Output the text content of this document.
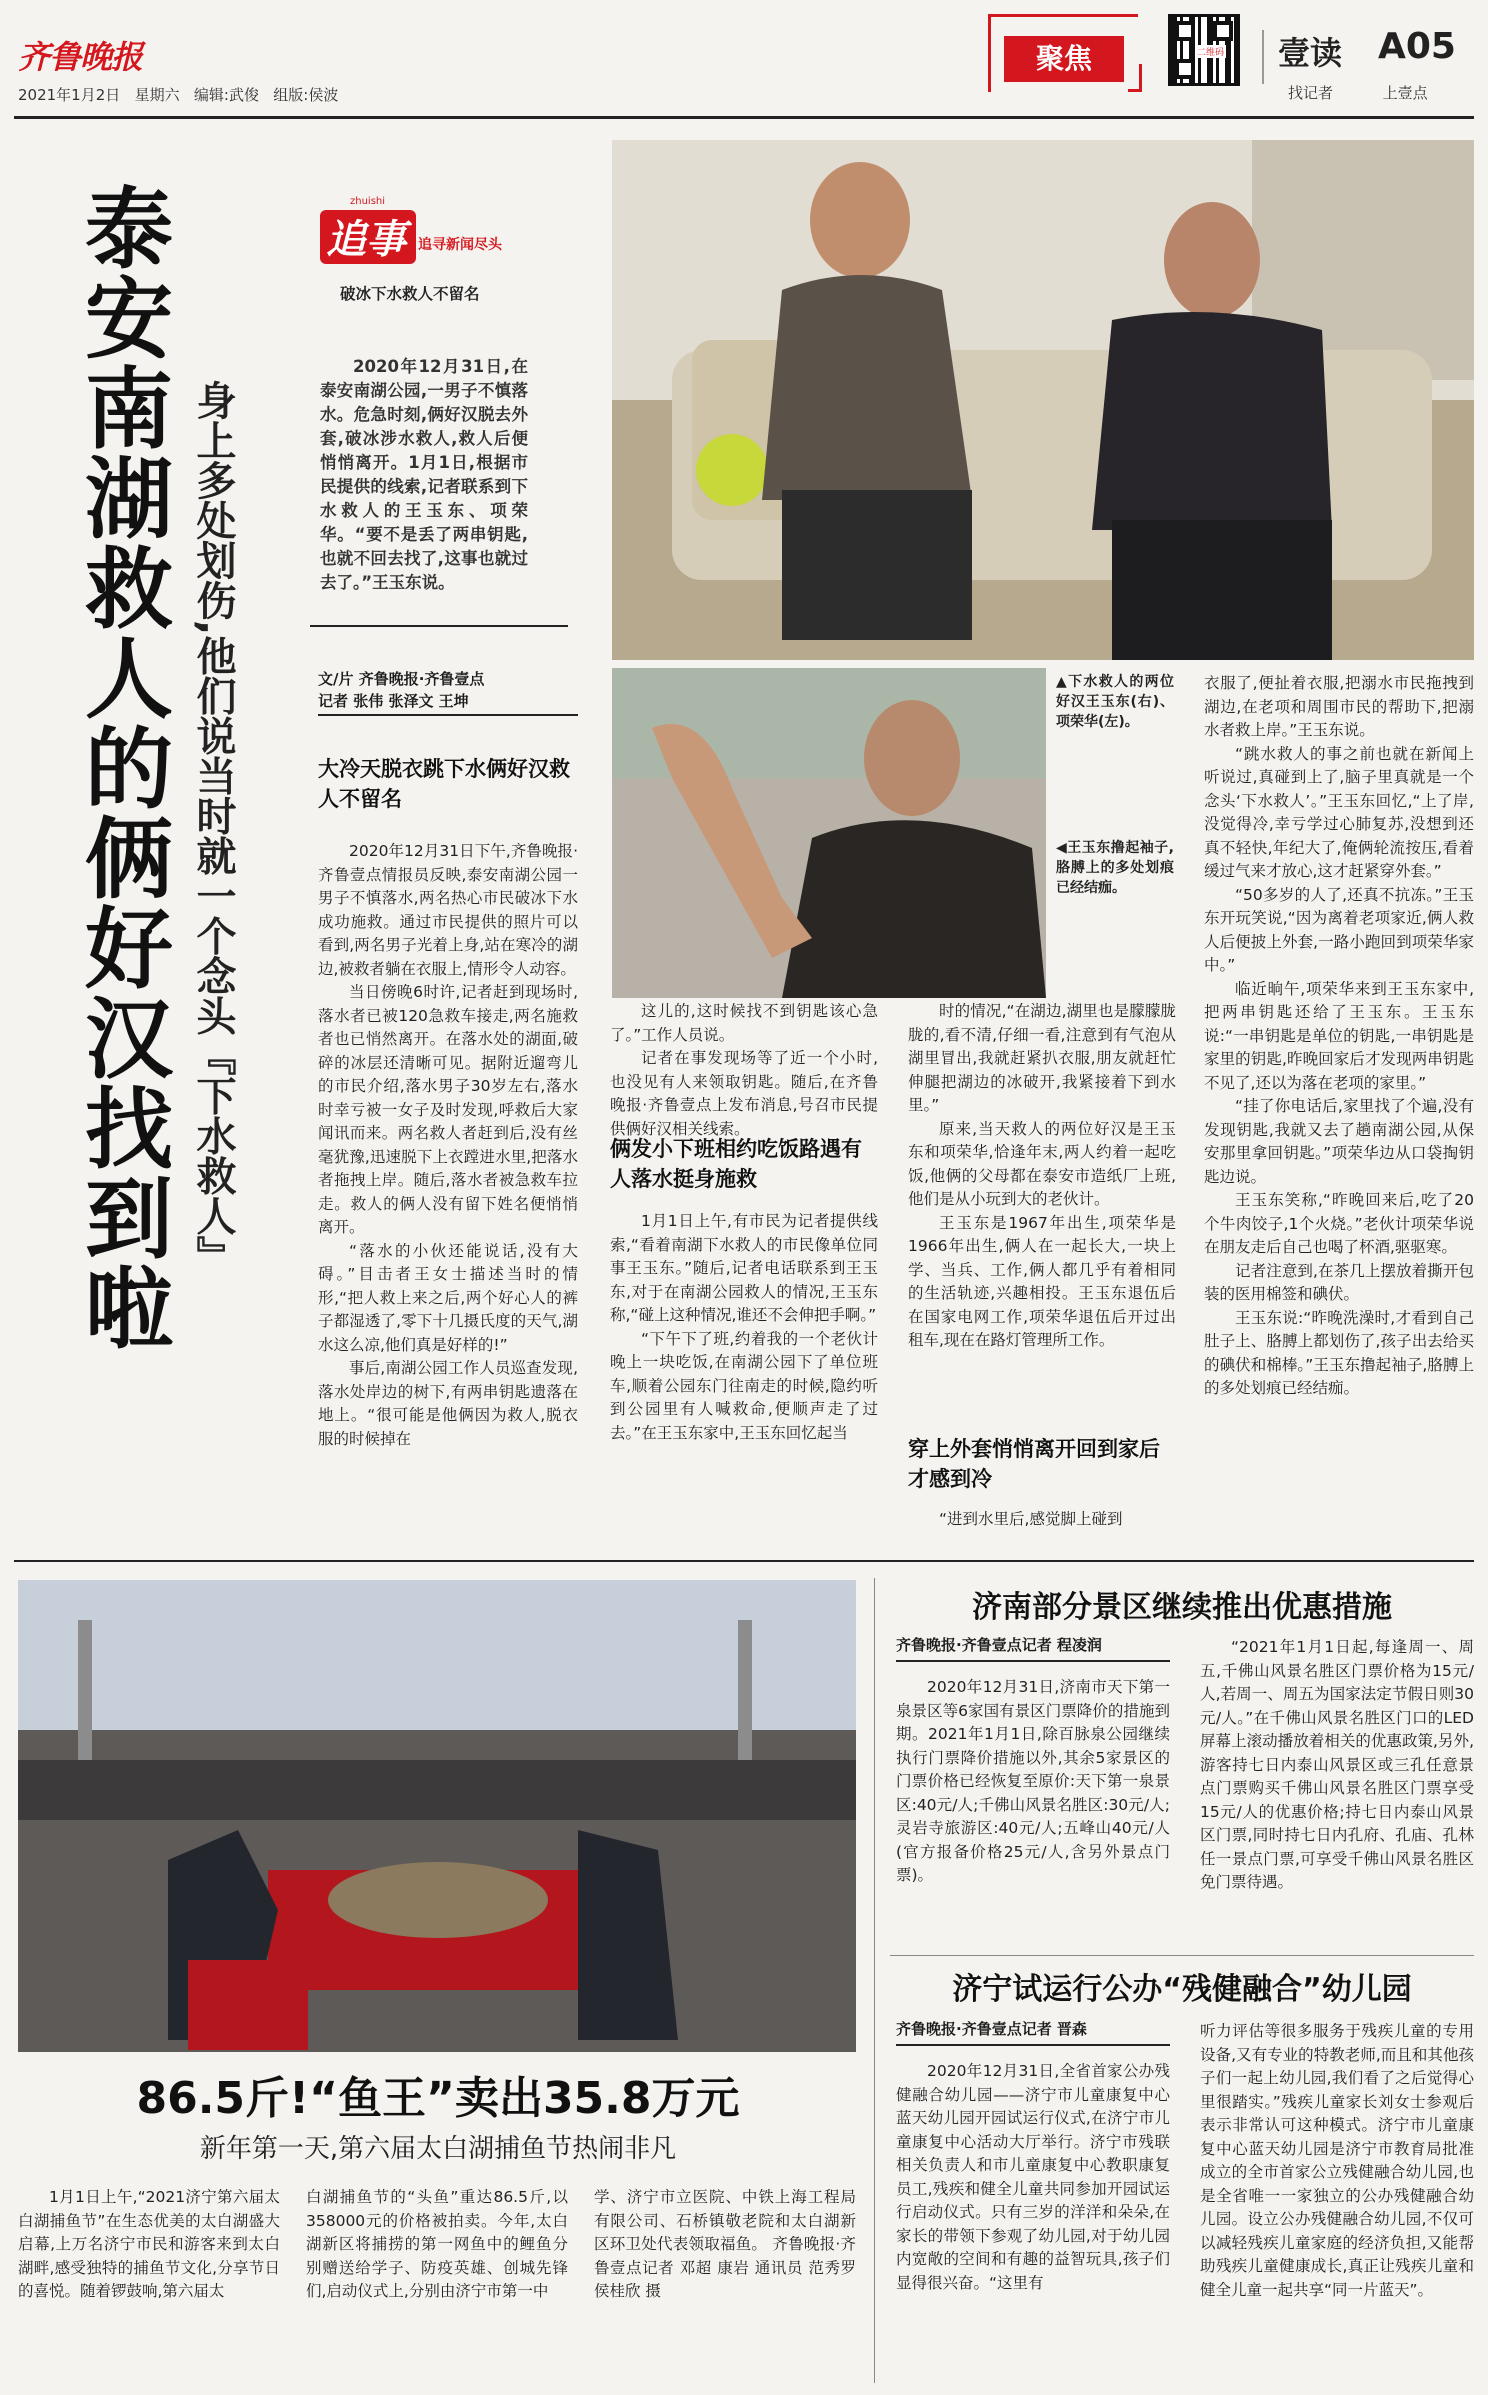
齐鲁晚报
2021年1月2日 星期六 编辑:武俊 组版:侯波
聚焦	二维码 壹读 A05
找记者	上壹点
泰
安
南
湖
救
人
的
俩
好
汉
找
到
啦
身上多处划伤,他们说当时就一个念头『下水救人』
追事
zhuishi
追寻新闻尽头
破冰下水救人不留名

2020年12月31日,在泰安南湖公园,一男子不慎落水。危急时刻,俩好汉脱去外套,破冰涉水救人,救人后便悄悄离开。1月1日,根据市民提供的线索,记者联系到下水救人的王玉东、项荣华。“要不是丢了两串钥匙,也就不回去找了,这事也就过去了。”王玉东说。

文/片 齐鲁晚报·齐鲁壹点
记者 张伟 张泽文 王坤
▲下水救人的两位好汉王玉东(右)、项荣华(左)。
◀王玉东撸起袖子,胳膊上的多处划痕已经结痂。
大冷天脱衣跳下水俩好汉救人不留名

2020年12月31日下午,齐鲁晚报·齐鲁壹点情报员反映,泰安南湖公园一男子不慎落水,两名热心市民破冰下水成功施救。通过市民提供的照片可以看到,两名男子光着上身,站在寒冷的湖边,被救者躺在衣服上,情形令人动容。

当日傍晚6时许,记者赶到现场时,落水者已被120急救车接走,两名施救者也已悄然离开。在落水处的湖面,破碎的冰层还清晰可见。据附近遛弯儿的市民介绍,落水男子30岁左右,落水时幸亏被一女子及时发现,呼救后大家闻讯而来。两名救人者赶到后,没有丝毫犹豫,迅速脱下上衣蹚进水里,把落水者拖拽上岸。随后,落水者被急救车拉走。救人的俩人没有留下姓名便悄悄离开。

“落水的小伙还能说话,没有大碍。”目击者王女士描述当时的情形,“把人救上来之后,两个好心人的裤子都湿透了,零下十几摄氏度的天气,湖水这么凉,他们真是好样的!”

事后,南湖公园工作人员巡查发现,落水处岸边的树下,有两串钥匙遗落在地上。“很可能是他俩因为救人,脱衣服的时候掉在

这儿的,这时候找不到钥匙该心急了。”工作人员说。

记者在事发现场等了近一个小时,也没见有人来领取钥匙。随后,在齐鲁晚报·齐鲁壹点上发布消息,号召市民提供俩好汉相关线索。

俩发小下班相约吃饭路遇有人落水挺身施救

1月1日上午,有市民为记者提供线索,“看着南湖下水救人的市民像单位同事王玉东。”随后,记者电话联系到王玉东,对于在南湖公园救人的情况,王玉东称,“碰上这种情况,谁还不会伸把手啊。”

“下午下了班,约着我的一个老伙计晚上一块吃饭,在南湖公园下了单位班车,顺着公园东门往南走的时候,隐约听到公园里有人喊救命,便顺声走了过去。”在王玉东家中,王玉东回忆起当

时的情况,“在湖边,湖里也是朦朦胧胧的,看不清,仔细一看,注意到有气泡从湖里冒出,我就赶紧扒衣服,朋友就赶忙伸腿把湖边的冰破开,我紧接着下到水里。”

原来,当天救人的两位好汉是王玉东和项荣华,恰逢年末,两人约着一起吃饭,他俩的父母都在泰安市造纸厂上班,他们是从小玩到大的老伙计。

王玉东是1967年出生,项荣华是1966年出生,俩人在一起长大,一块上学、当兵、工作,俩人都几乎有着相同的生活轨迹,兴趣相投。王玉东退伍后在国家电网工作,项荣华退伍后开过出租车,现在在路灯管理所工作。

穿上外套悄悄离开回到家后才感到冷

“进到水里后,感觉脚上碰到

衣服了,便扯着衣服,把溺水市民拖拽到湖边,在老项和周围市民的帮助下,把溺水者救上岸。”王玉东说。

“跳水救人的事之前也就在新闻上听说过,真碰到上了,脑子里真就是一个念头‘下水救人’。”王玉东回忆,“上了岸,没觉得冷,幸亏学过心肺复苏,没想到还真不轻快,年纪大了,俺俩轮流按压,看着缓过气来才放心,这才赶紧穿外套。”

“50多岁的人了,还真不抗冻。”王玉东开玩笑说,“因为离着老项家近,俩人救人后便披上外套,一路小跑回到项荣华家中。”

临近晌午,项荣华来到王玉东家中,把两串钥匙还给了王玉东。王玉东说:“一串钥匙是单位的钥匙,一串钥匙是家里的钥匙,昨晚回家后才发现两串钥匙不见了,还以为落在老项的家里。”

“挂了你电话后,家里找了个遍,没有发现钥匙,我就又去了趟南湖公园,从保安那里拿回钥匙。”项荣华边从口袋掏钥匙边说。

王玉东笑称,“昨晚回来后,吃了20个牛肉饺子,1个火烧。”老伙计项荣华说在朋友走后自己也喝了杯酒,驱驱寒。

记者注意到,在茶几上摆放着撕开包装的医用棉签和碘伏。

王玉东说:“昨晚洗澡时,才看到自己肚子上、胳膊上都划伤了,孩子出去给买的碘伏和棉棒。”王玉东撸起袖子,胳膊上的多处划痕已经结痂。

86.5斤!“鱼王”卖出35.8万元
新年第一天,第六届太白湖捕鱼节热闹非凡

1月1日上午,“2021济宁第六届太白湖捕鱼节”在生态优美的太白湖盛大启幕,上万名济宁市民和游客来到太白湖畔,感受独特的捕鱼节文化,分享节日的喜悦。随着锣鼓响,第六届太

白湖捕鱼节的“头鱼”重达86.5斤,以358000元的价格被拍卖。今年,太白湖新区将捕捞的第一网鱼中的鲤鱼分别赠送给学子、防疫英雄、创城先锋们,启动仪式上,分别由济宁市第一中

学、济宁市立医院、中铁上海工程局有限公司、石桥镇敬老院和太白湖新区环卫处代表领取福鱼。 齐鲁晚报·齐鲁壹点记者 邓超 康岩 通讯员 范秀罗 侯桂欣 摄

济南部分景区继续推出优惠措施
齐鲁晚报·齐鲁壹点记者 程凌润

2020年12月31日,济南市天下第一泉景区等6家国有景区门票降价的措施到期。2021年1月1日,除百脉泉公园继续执行门票降价措施以外,其余5家景区的门票价格已经恢复至原价:天下第一泉景区:40元/人;千佛山风景名胜区:30元/人;灵岩寺旅游区:40元/人;五峰山40元/人(官方报备价格25元/人,含另外景点门票)。

“2021年1月1日起,每逢周一、周五,千佛山风景名胜区门票价格为15元/人,若周一、周五为国家法定节假日则30元/人。”在千佛山风景名胜区门口的LED屏幕上滚动播放着相关的优惠政策,另外,游客持七日内泰山风景区或三孔任意景点门票购买千佛山风景名胜区门票享受15元/人的优惠价格;持七日内泰山风景区门票,同时持七日内孔府、孔庙、孔林任一景点门票,可享受千佛山风景名胜区免门票待遇。

济宁试运行公办“残健融合”幼儿园
齐鲁晚报·齐鲁壹点记者 晋森

2020年12月31日,全省首家公办残健融合幼儿园——济宁市儿童康复中心蓝天幼儿园开园试运行仪式,在济宁市儿童康复中心活动大厅举行。济宁市残联相关负责人和市儿童康复中心教职康复员工,残疾和健全儿童共同参加开园试运行启动仪式。只有三岁的洋洋和朵朵,在家长的带领下参观了幼儿园,对于幼儿园内宽敞的空间和有趣的益智玩具,孩子们显得很兴奋。“这里有

听力评估等很多服务于残疾儿童的专用设备,又有专业的特教老师,而且和其他孩子们一起上幼儿园,我们看了之后觉得心里很踏实。”残疾儿童家长刘女士参观后表示非常认可这种模式。济宁市儿童康复中心蓝天幼儿园是济宁市教育局批准成立的全市首家公立残健融合幼儿园,也是全省唯一一家独立的公办残健融合幼儿园。设立公办残健融合幼儿园,不仅可以减轻残疾儿童家庭的经济负担,又能帮助残疾儿童健康成长,真正让残疾儿童和健全儿童一起共享“同一片蓝天”。
